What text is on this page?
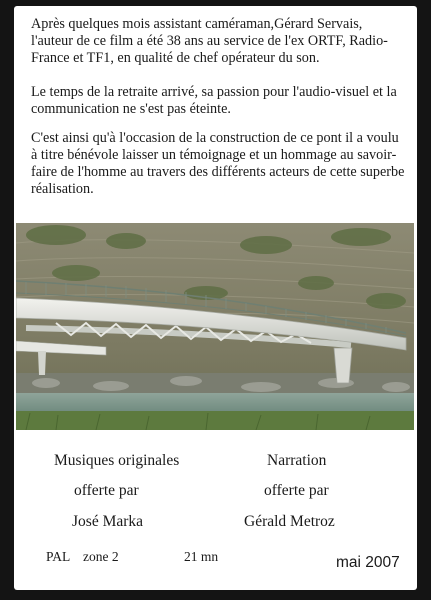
Après quelques mois assistant caméraman,Gérard Servais, l'auteur de ce film a été 38 ans au service de l'ex ORTF, Radio-France et TF1, en qualité de chef opérateur du son.

Le temps de la retraite arrivé, sa passion pour l'audio-visuel et la communication ne s'est pas éteinte.

C'est ainsi qu'à l'occasion de la construction de ce pont il a voulu à titre bénévole laisser un témoignage et un hommage au savoir-faire de l'homme au travers des différents acteurs de cette superbe réalisation.

Musiques originales
offerte par
José Marka
Narration
offerte par
Gérald Metroz
PAL zone 2	21 mn	mai 2007
